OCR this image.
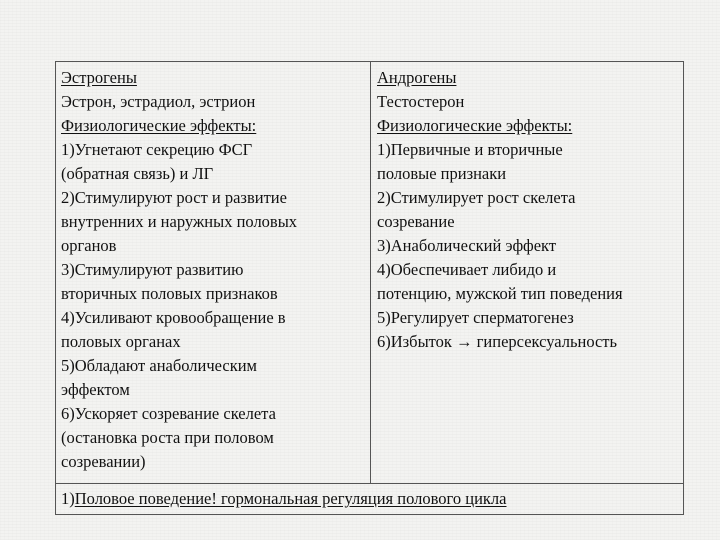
Эстрогены
Эстрон, эстрадиол, эстрион
Физиологические эффекты:
1)Угнетают секрецию ФСГ
(обратная связь) и ЛГ
2)Стимулируют рост и развитие
внутренних и наружных половых
органов
3)Стимулируют развитию
вторичных половых признаков
4)Усиливают кровообращение в
половых органах
5)Обладают анаболическим
эффектом
6)Ускоряет созревание скелета
(остановка роста при половом
созревании)
Андрогены
Тестостерон
Физиологические эффекты:
1)Первичные и вторичные
половые признаки
2)Стимулирует рост скелета
созревание
3)Анаболический эффект
4)Обеспечивает либидо и
потенцию, мужской тип поведения
5)Регулирует сперматогенез
6)Избыток → гиперсексуальность
1)Половое поведение! гормональная регуляция полового цикла
